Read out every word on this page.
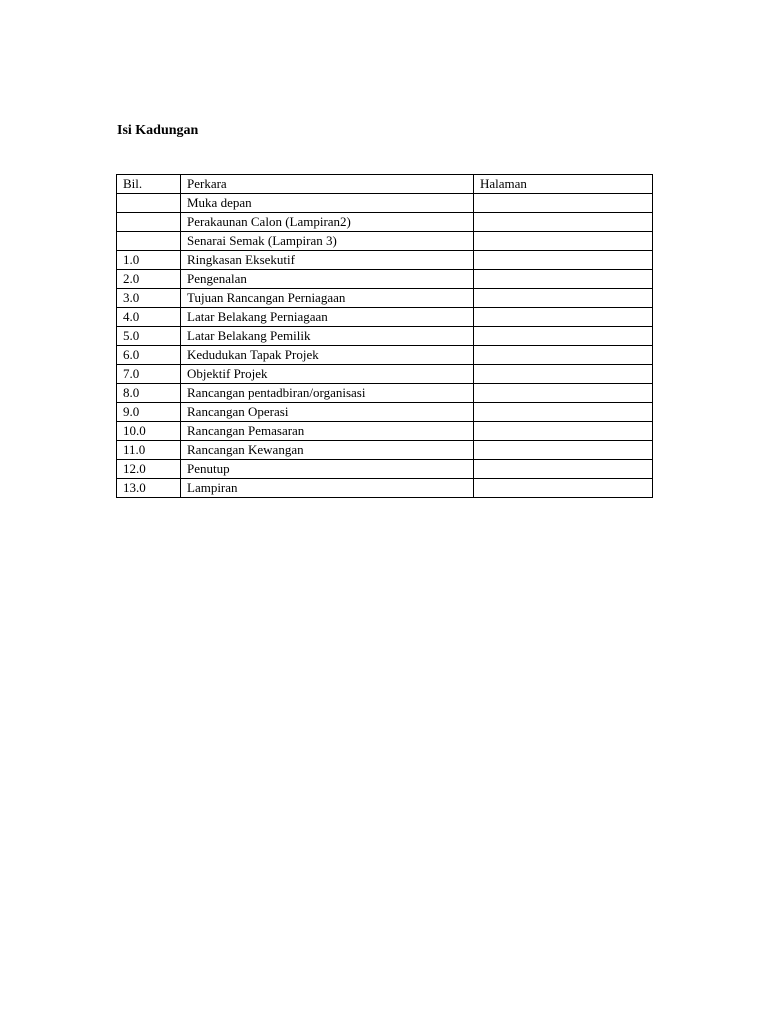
Isi Kadungan
Bil.	Perkara	Halaman
	Muka depan	
	Perakaunan Calon (Lampiran2)	
	Senarai Semak (Lampiran 3)	
1.0	Ringkasan Eksekutif	
2.0	Pengenalan	
3.0	Tujuan Rancangan Perniagaan	
4.0	Latar Belakang Perniagaan	
5.0	Latar Belakang Pemilik	
6.0	Kedudukan Tapak Projek	
7.0	Objektif Projek	
8.0	Rancangan pentadbiran/organisasi	
9.0	Rancangan Operasi	
10.0	Rancangan Pemasaran	
11.0	Rancangan Kewangan	
12.0	Penutup	
13.0	Lampiran	
